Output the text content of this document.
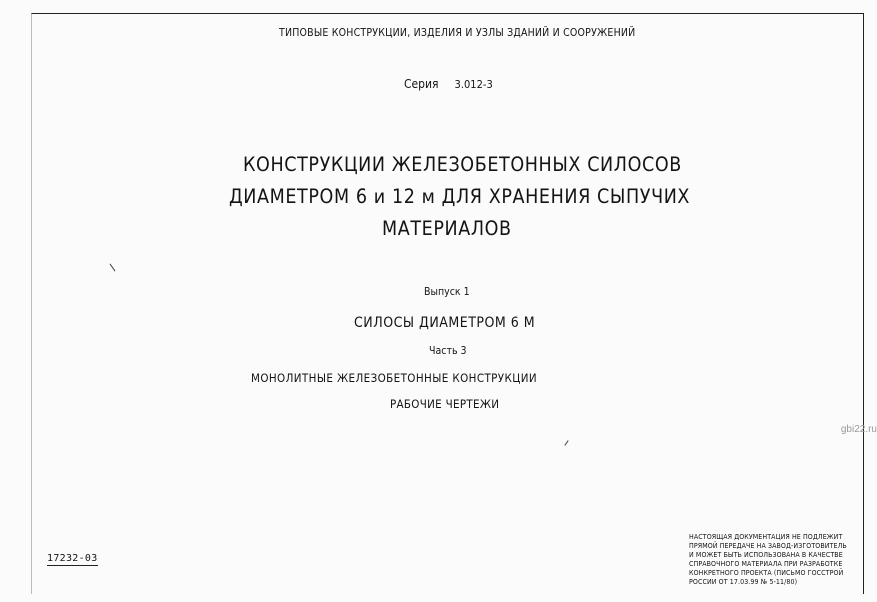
ТИПОВЫЕ КОНСТРУКЦИИ, ИЗДЕЛИЯ И УЗЛЫ ЗДАНИЙ И СООРУЖЕНИЙ
Серия 3.012-3
КОНСТРУКЦИИ ЖЕЛЕЗОБЕТОННЫХ СИЛОСОВ
ДИАМЕТРОМ 6 и 12 м ДЛЯ ХРАНЕНИЯ СЫПУЧИХ
МАТЕРИАЛОВ
Выпуск 1
СИЛОСЫ ДИАМЕТРОМ 6 М
Часть 3
МОНОЛИТНЫЕ ЖЕЛЕЗОБЕТОННЫЕ КОНСТРУКЦИИ
РАБОЧИЕ ЧЕРТЕЖИ
17232-03
gbi22.ru
НАСТОЯЩАЯ ДОКУМЕНТАЦИЯ НЕ ПОДЛЕЖИТ
ПРЯМОЙ ПЕРЕДАЧЕ НА ЗАВОД-ИЗГОТОВИТЕЛЬ
И МОЖЕТ БЫТЬ ИСПОЛЬЗОВАНА В КАЧЕСТВЕ
СПРАВОЧНОГО МАТЕРИАЛА ПРИ РАЗРАБОТКЕ
КОНКРЕТНОГО ПРОЕКТА (ПИСЬМО ГОССТРОЙ
РОССИИ ОТ 17.03.99 № 5-11/80)
